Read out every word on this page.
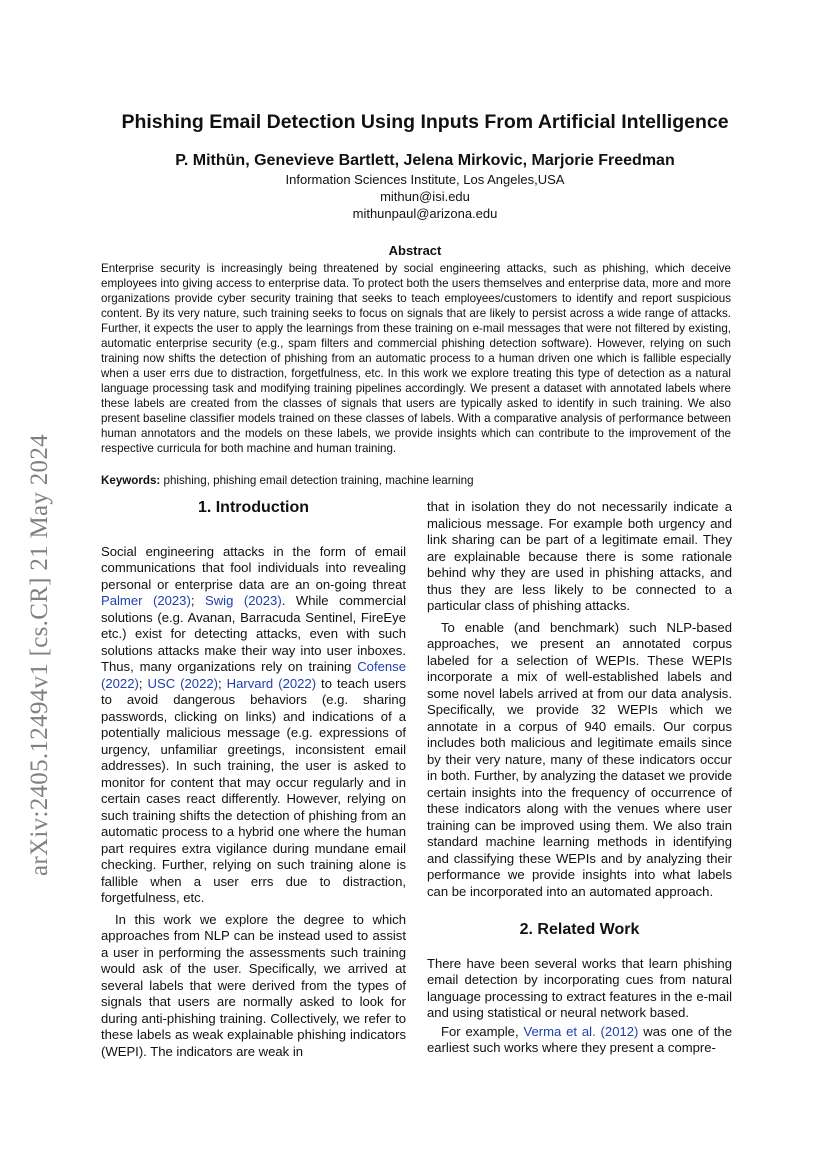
arXiv:2405.12494v1 [cs.CR] 21 May 2024
Phishing Email Detection Using Inputs From Artificial Intelligence
P. Mithün, Genevieve Bartlett, Jelena Mirkovic, Marjorie Freedman
Information Sciences Institute, Los Angeles,USA
mithun@isi.edu
mithunpaul@arizona.edu
Abstract

Enterprise security is increasingly being threatened by social engineering attacks, such as phishing, which deceive employees into giving access to enterprise data. To protect both the users themselves and enterprise data, more and more organizations provide cyber security training that seeks to teach employees/customers to identify and report suspicious content. By its very nature, such training seeks to focus on signals that are likely to persist across a wide range of attacks. Further, it expects the user to apply the learnings from these training on e-mail messages that were not filtered by existing, automatic enterprise security (e.g., spam filters and commercial phishing detection software). However, relying on such training now shifts the detection of phishing from an automatic process to a human driven one which is fallible especially when a user errs due to distraction, forgetfulness, etc. In this work we explore treating this type of detection as a natural language processing task and modifying training pipelines accordingly. We present a dataset with annotated labels where these labels are created from the classes of signals that users are typically asked to identify in such training. We also present baseline classifier models trained on these classes of labels. With a comparative analysis of performance between human annotators and the models on these labels, we provide insights which can contribute to the improvement of the respective curricula for both machine and human training.

Keywords: phishing, phishing email detection training, machine learning
1. Introduction

Social engineering attacks in the form of email communications that fool individuals into revealing personal or enterprise data are an on-going threat Palmer (2023); Swig (2023). While commercial solutions (e.g. Avanan, Barracuda Sentinel, FireEye etc.) exist for detecting attacks, even with such solutions attacks make their way into user inboxes. Thus, many organizations rely on training Cofense (2022); USC (2022); Harvard (2022) to teach users to avoid dangerous behaviors (e.g. sharing passwords, clicking on links) and indications of a potentially malicious message (e.g. expressions of urgency, unfamiliar greetings, inconsistent email addresses). In such training, the user is asked to monitor for content that may occur regularly and in certain cases react differently. However, relying on such training shifts the detection of phishing from an automatic process to a hybrid one where the human part requires extra vigilance during mundane email checking. Further, relying on such training alone is fallible when a user errs due to distraction, forgetfulness, etc.

In this work we explore the degree to which approaches from NLP can be instead used to assist a user in performing the assessments such training would ask of the user. Specifically, we arrived at several labels that were derived from the types of signals that users are normally asked to look for during anti-phishing training. Collectively, we refer to these labels as weak explainable phishing indicators (WEPI). The indicators are weak in

that in isolation they do not necessarily indicate a malicious message. For example both urgency and link sharing can be part of a legitimate email. They are explainable because there is some rationale behind why they are used in phishing attacks, and thus they are less likely to be connected to a particular class of phishing attacks.

To enable (and benchmark) such NLP-based approaches, we present an annotated corpus labeled for a selection of WEPIs. These WEPIs incorporate a mix of well-established labels and some novel labels arrived at from our data analysis. Specifically, we provide 32 WEPIs which we annotate in a corpus of 940 emails. Our corpus includes both malicious and legitimate emails since by their very nature, many of these indicators occur in both. Further, by analyzing the dataset we provide certain insights into the frequency of occurrence of these indicators along with the venues where user training can be improved using them. We also train standard machine learning methods in identifying and classifying these WEPIs and by analyzing their performance we provide insights into what labels can be incorporated into an automated approach.

2. Related Work

There have been several works that learn phishing email detection by incorporating cues from natural language processing to extract features in the e-mail and using statistical or neural network based.

For example, Verma et al. (2012) was one of the earliest such works where they present a compre-
